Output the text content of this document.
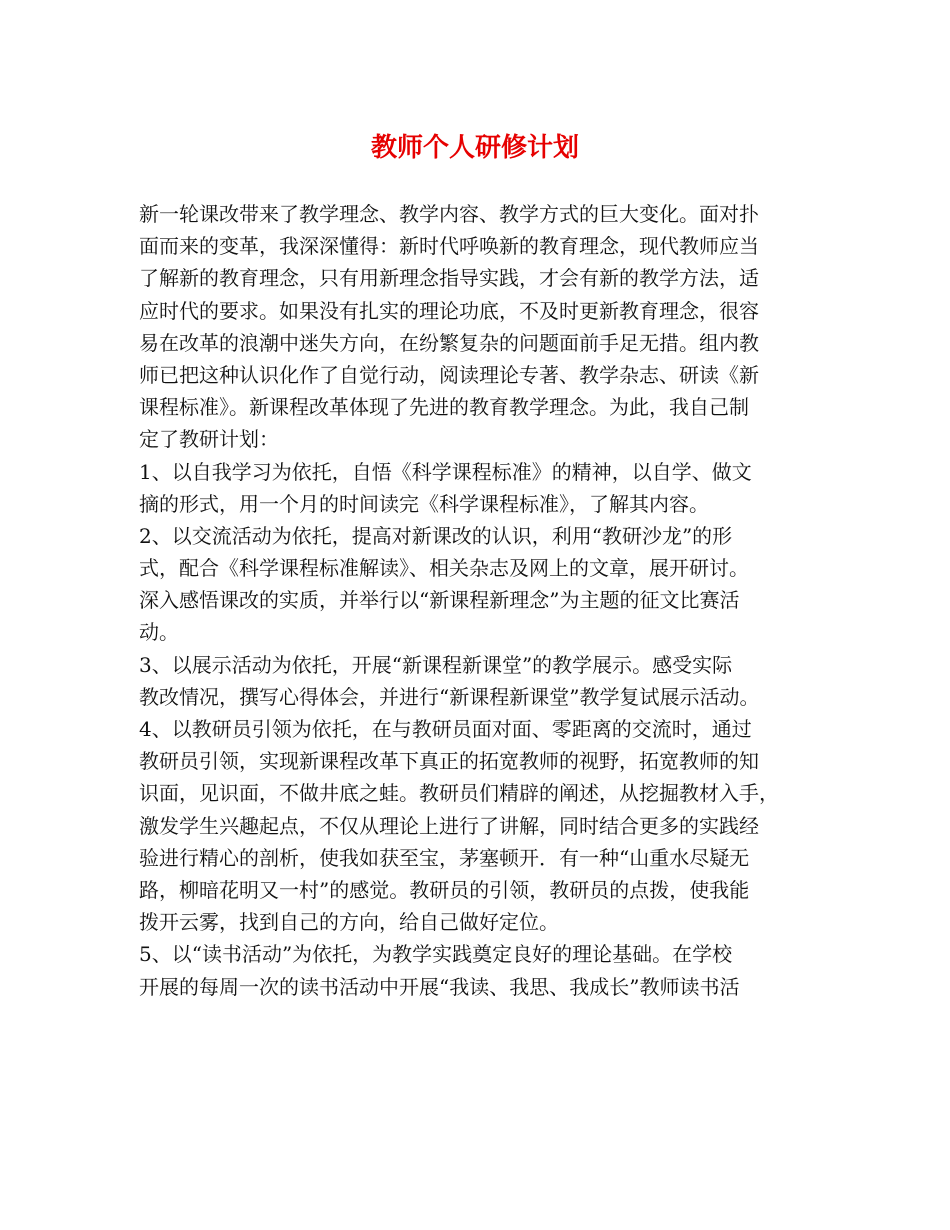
教师个人研修计划
新一轮课改带来了教学理念、教学内容、教学方式的巨大变化。面对扑
面而来的变革，我深深懂得：新时代呼唤新的教育理念，现代教师应当
了解新的教育理念，只有用新理念指导实践，才会有新的教学方法，适
应时代的要求。如果没有扎实的理论功底，不及时更新教育理念，很容
易在改革的浪潮中迷失方向，在纷繁复杂的问题面前手足无措。组内教
师已把这种认识化作了自觉行动，阅读理论专著、教学杂志、研读《新
课程标准》。新课程改革体现了先进的教育教学理念。为此，我自己制
定了教研计划：
1、以自我学习为依托，自悟《科学课程标准》的精神，以自学、做文
摘的形式，用一个月的时间读完《科学课程标准》，了解其内容。
2、以交流活动为依托，提高对新课改的认识，利用“教研沙龙”的形
式，配合《科学课程标准解读》、相关杂志及网上的文章，展开研讨。
深入感悟课改的实质，并举行以“新课程新理念”为主题的征文比赛活
动。
3、以展示活动为依托，开展“新课程新课堂”的教学展示。感受实际
教改情况，撰写心得体会，并进行“新课程新课堂”教学复试展示活动。
4、以教研员引领为依托，在与教研员面对面、零距离的交流时，通过
教研员引领，实现新课程改革下真正的拓宽教师的视野，拓宽教师的知
识面，见识面，不做井底之蛙。教研员们精辟的阐述，从挖掘教材入手，
激发学生兴趣起点，不仅从理论上进行了讲解，同时结合更多的实践经
验进行精心的剖析，使我如获至宝，茅塞顿开．有一种“山重水尽疑无
路，柳暗花明又一村”的感觉。教研员的引领，教研员的点拨，使我能
拨开云雾，找到自己的方向，给自己做好定位。
5、以“读书活动”为依托，为教学实践奠定良好的理论基础。在学校
开展的每周一次的读书活动中开展“我读、我思、我成长”教师读书活
